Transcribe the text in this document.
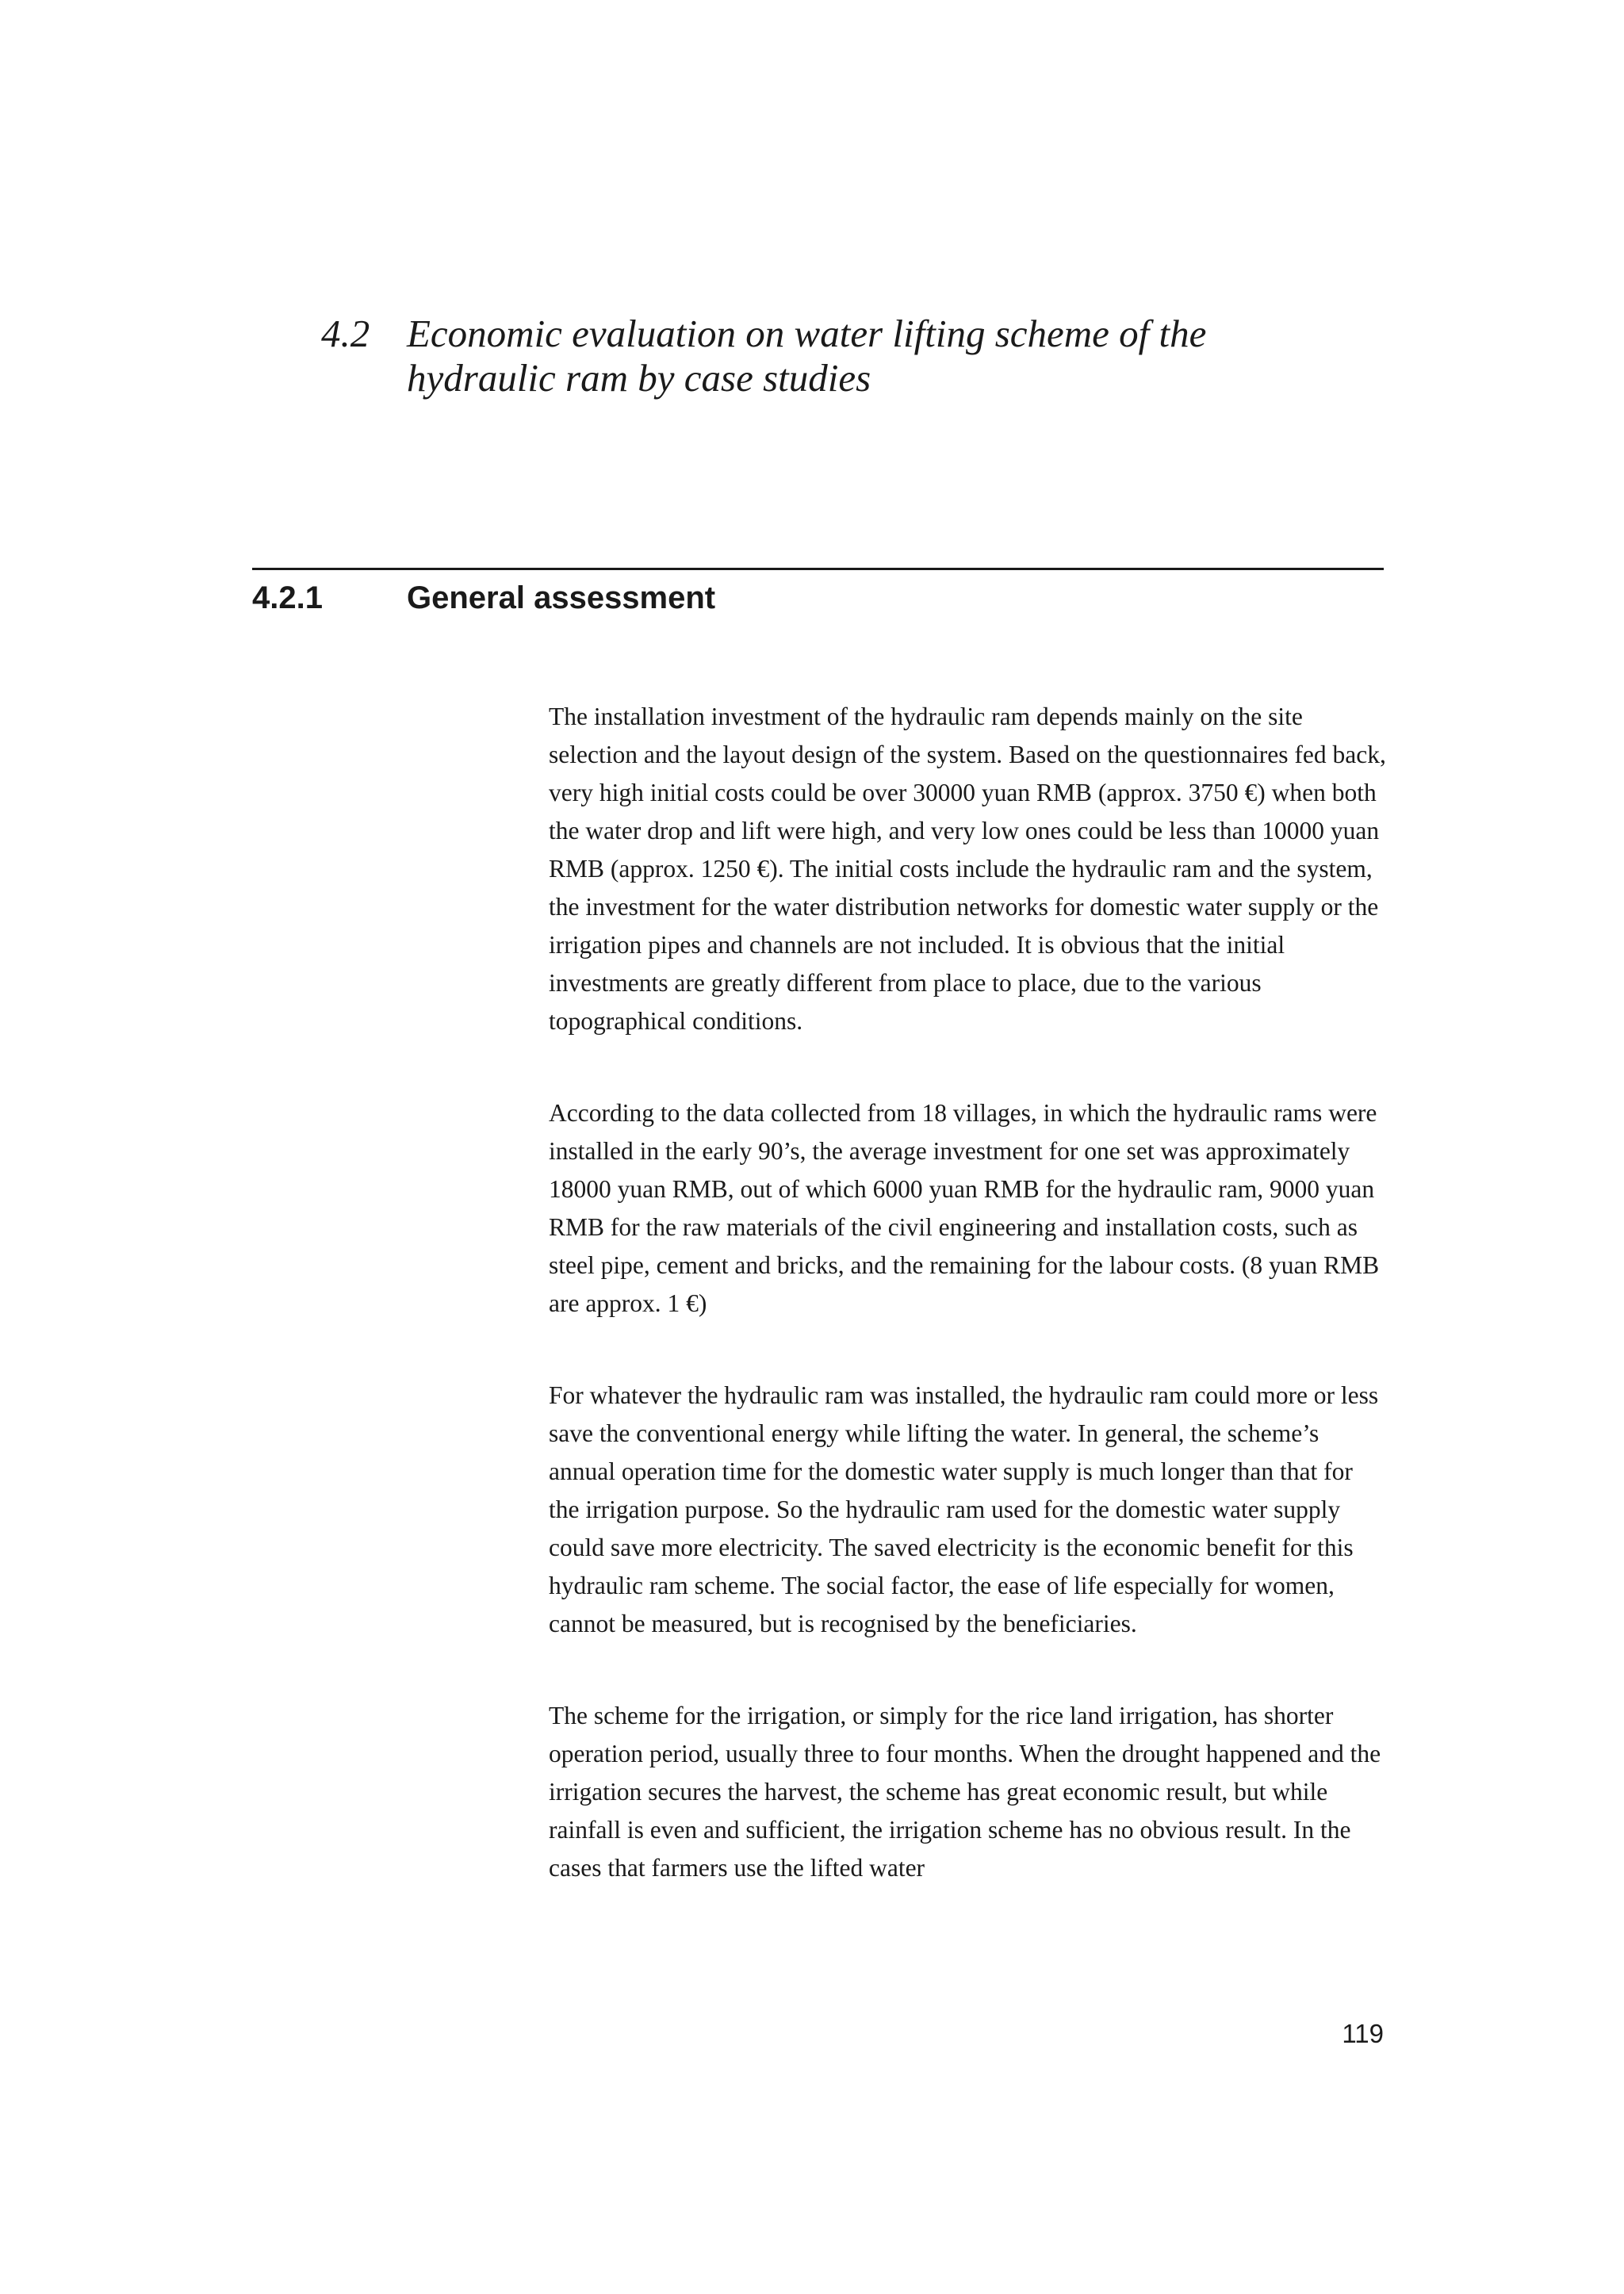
4.2 Economic evaluation on water lifting scheme of the hydraulic ram by case studies
4.2.1	General assessment

The installation investment of the hydraulic ram depends mainly on the site selection and the layout design of the system. Based on the questionnaires fed back, very high initial costs could be over 30000 yuan RMB (approx. 3750 €) when both the water drop and lift were high, and very low ones could be less than 10000 yuan RMB (approx. 1250 €). The initial costs include the hydraulic ram and the system, the investment for the water distribution networks for domestic water supply or the irrigation pipes and channels are not included. It is obvious that the initial investments are greatly different from place to place, due to the various topographical conditions.

According to the data collected from 18 villages, in which the hydraulic rams were installed in the early 90’s, the average investment for one set was approximately 18000 yuan RMB, out of which 6000 yuan RMB for the hydraulic ram, 9000 yuan RMB for the raw materials of the civil engineering and installation costs, such as steel pipe, cement and bricks, and the remaining for the labour costs. (8 yuan RMB are approx. 1 €)

For whatever the hydraulic ram was installed, the hydraulic ram could more or less save the conventional energy while lifting the water. In general, the scheme’s annual operation time for the domestic water supply is much longer than that for the irrigation purpose. So the hydraulic ram used for the domestic water supply could save more electricity. The saved electricity is the economic benefit for this hydraulic ram scheme. The social factor, the ease of life especially for women, cannot be measured, but is recognised by the beneficiaries.

The scheme for the irrigation, or simply for the rice land irrigation, has shorter operation period, usually three to four months. When the drought happened and the irrigation secures the harvest, the scheme has great economic result, but while rainfall is even and sufficient, the irrigation scheme has no obvious result. In the cases that farmers use the lifted water

119
